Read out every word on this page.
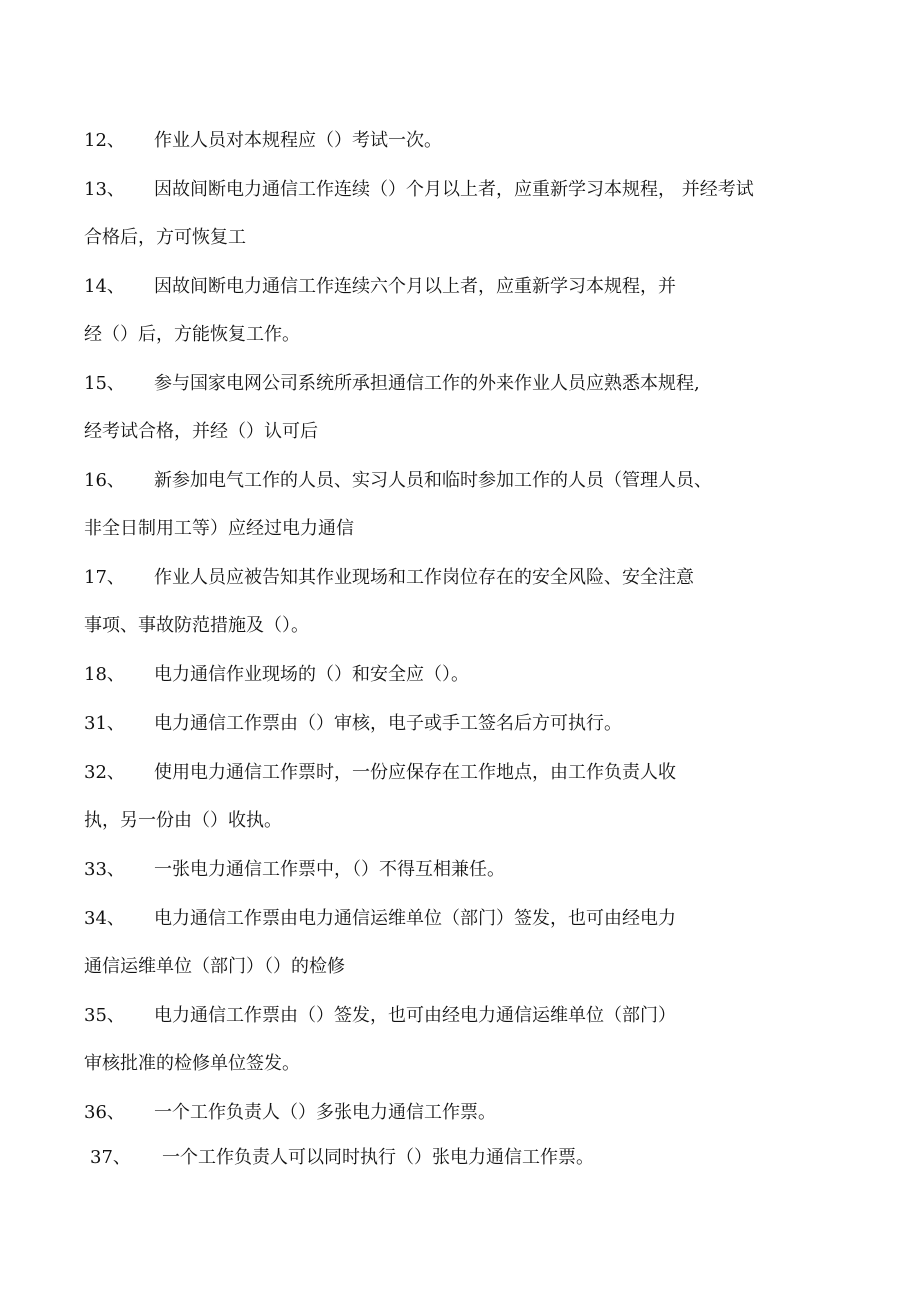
12、 作业人员对本规程应（）考试一次。

13、 因故间断电力通信工作连续（）个月以上者，应重新学习本规程， 并经考试

合格后，方可恢复工

14、 因故间断电力通信工作连续六个月以上者，应重新学习本规程，并

经（）后，方能恢复工作。

15、 参与国家电网公司系统所承担通信工作的外来作业人员应熟悉本规程,

经考试合格，并经（）认可后

16、 新参加电气工作的人员、实习人员和临时参加工作的人员（管理人员、

非全日制用工等）应经过电力通信

17、 作业人员应被告知其作业现场和工作岗位存在的安全风险、安全注意

事项、事故防范措施及（）。

18、 电力通信作业现场的（）和安全应（）。

31、 电力通信工作票由（）审核，电子或手工签名后方可执行。

32、 使用电力通信工作票时，一份应保存在工作地点，由工作负责人收

执，另一份由（）收执。

33、 一张电力通信工作票中，（）不得互相兼任。

34、 电力通信工作票由电力通信运维单位（部门）签发，也可由经电力

通信运维单位（部门）（）的检修

35、 电力通信工作票由（）签发，也可由经电力通信运维单位（部门）

审核批准的检修单位签发。

36、 一个工作负责人（）多张电力通信工作票。

37、 一个工作负责人可以同时执行（）张电力通信工作票。
